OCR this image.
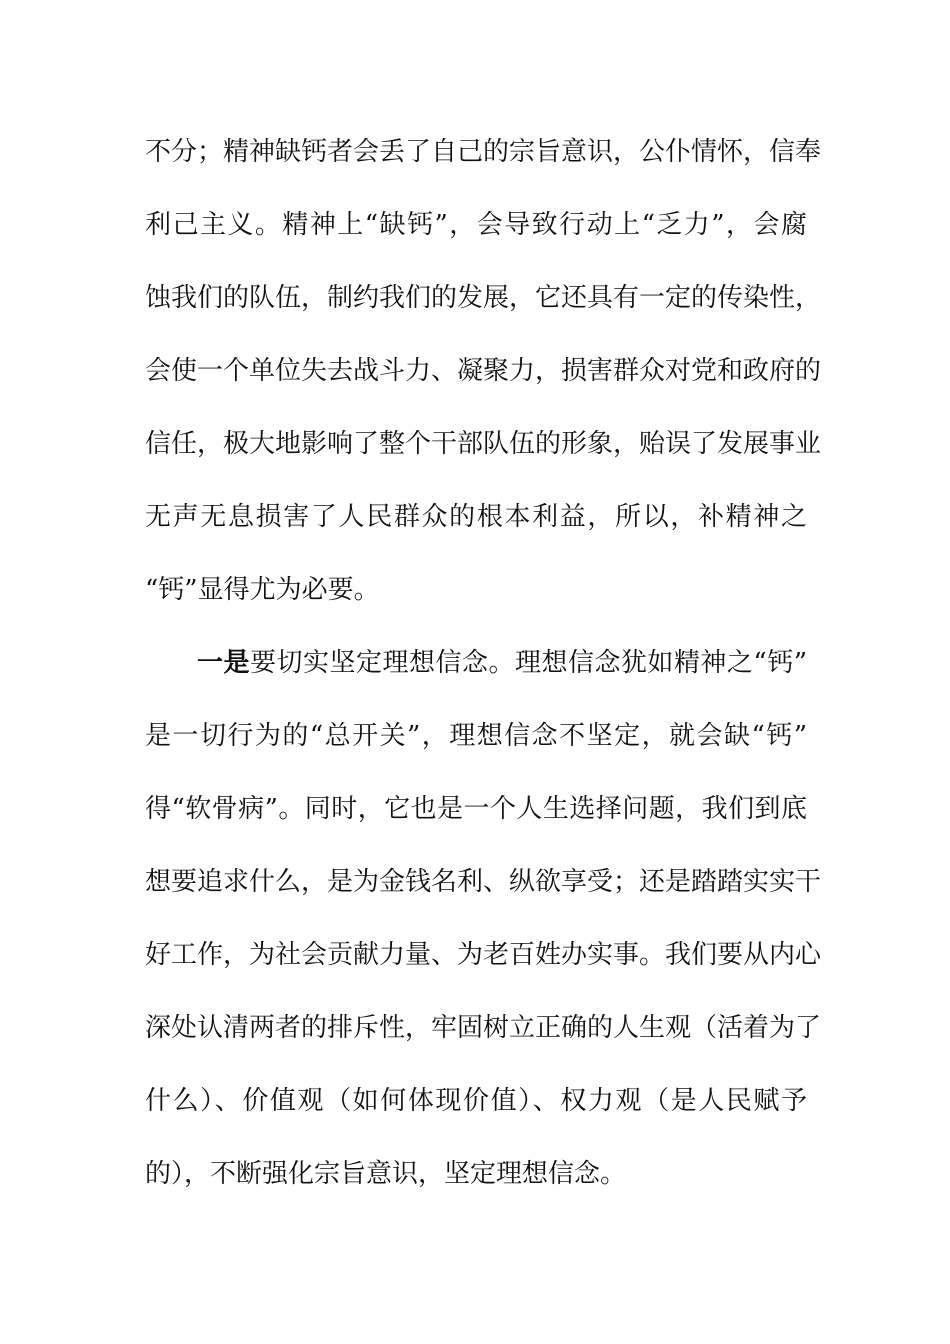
不分；精神缺钙者会丢了自己的宗旨意识，公仆情怀，信奉
利己主义。精神上“缺钙”，会导致行动上“乏力”，会腐
蚀我们的队伍，制约我们的发展，它还具有一定的传染性，
会使一个单位失去战斗力、凝聚力，损害群众对党和政府的
信任，极大地影响了整个干部队伍的形象，贻误了发展事业
无声无息损害了人民群众的根本利益，所以，补精神之
“钙”显得尤为必要。
一是要切实坚定理想信念。理想信念犹如精神之“钙”
是一切行为的“总开关”，理想信念不坚定，就会缺“钙”
得“软骨病”。同时，它也是一个人生选择问题，我们到底
想要追求什么，是为金钱名利、纵欲享受；还是踏踏实实干
好工作，为社会贡献力量、为老百姓办实事。我们要从内心
深处认清两者的排斥性，牢固树立正确的人生观（活着为了
什么）、价值观（如何体现价值）、权力观（是人民赋予
的），不断强化宗旨意识，坚定理想信念。
